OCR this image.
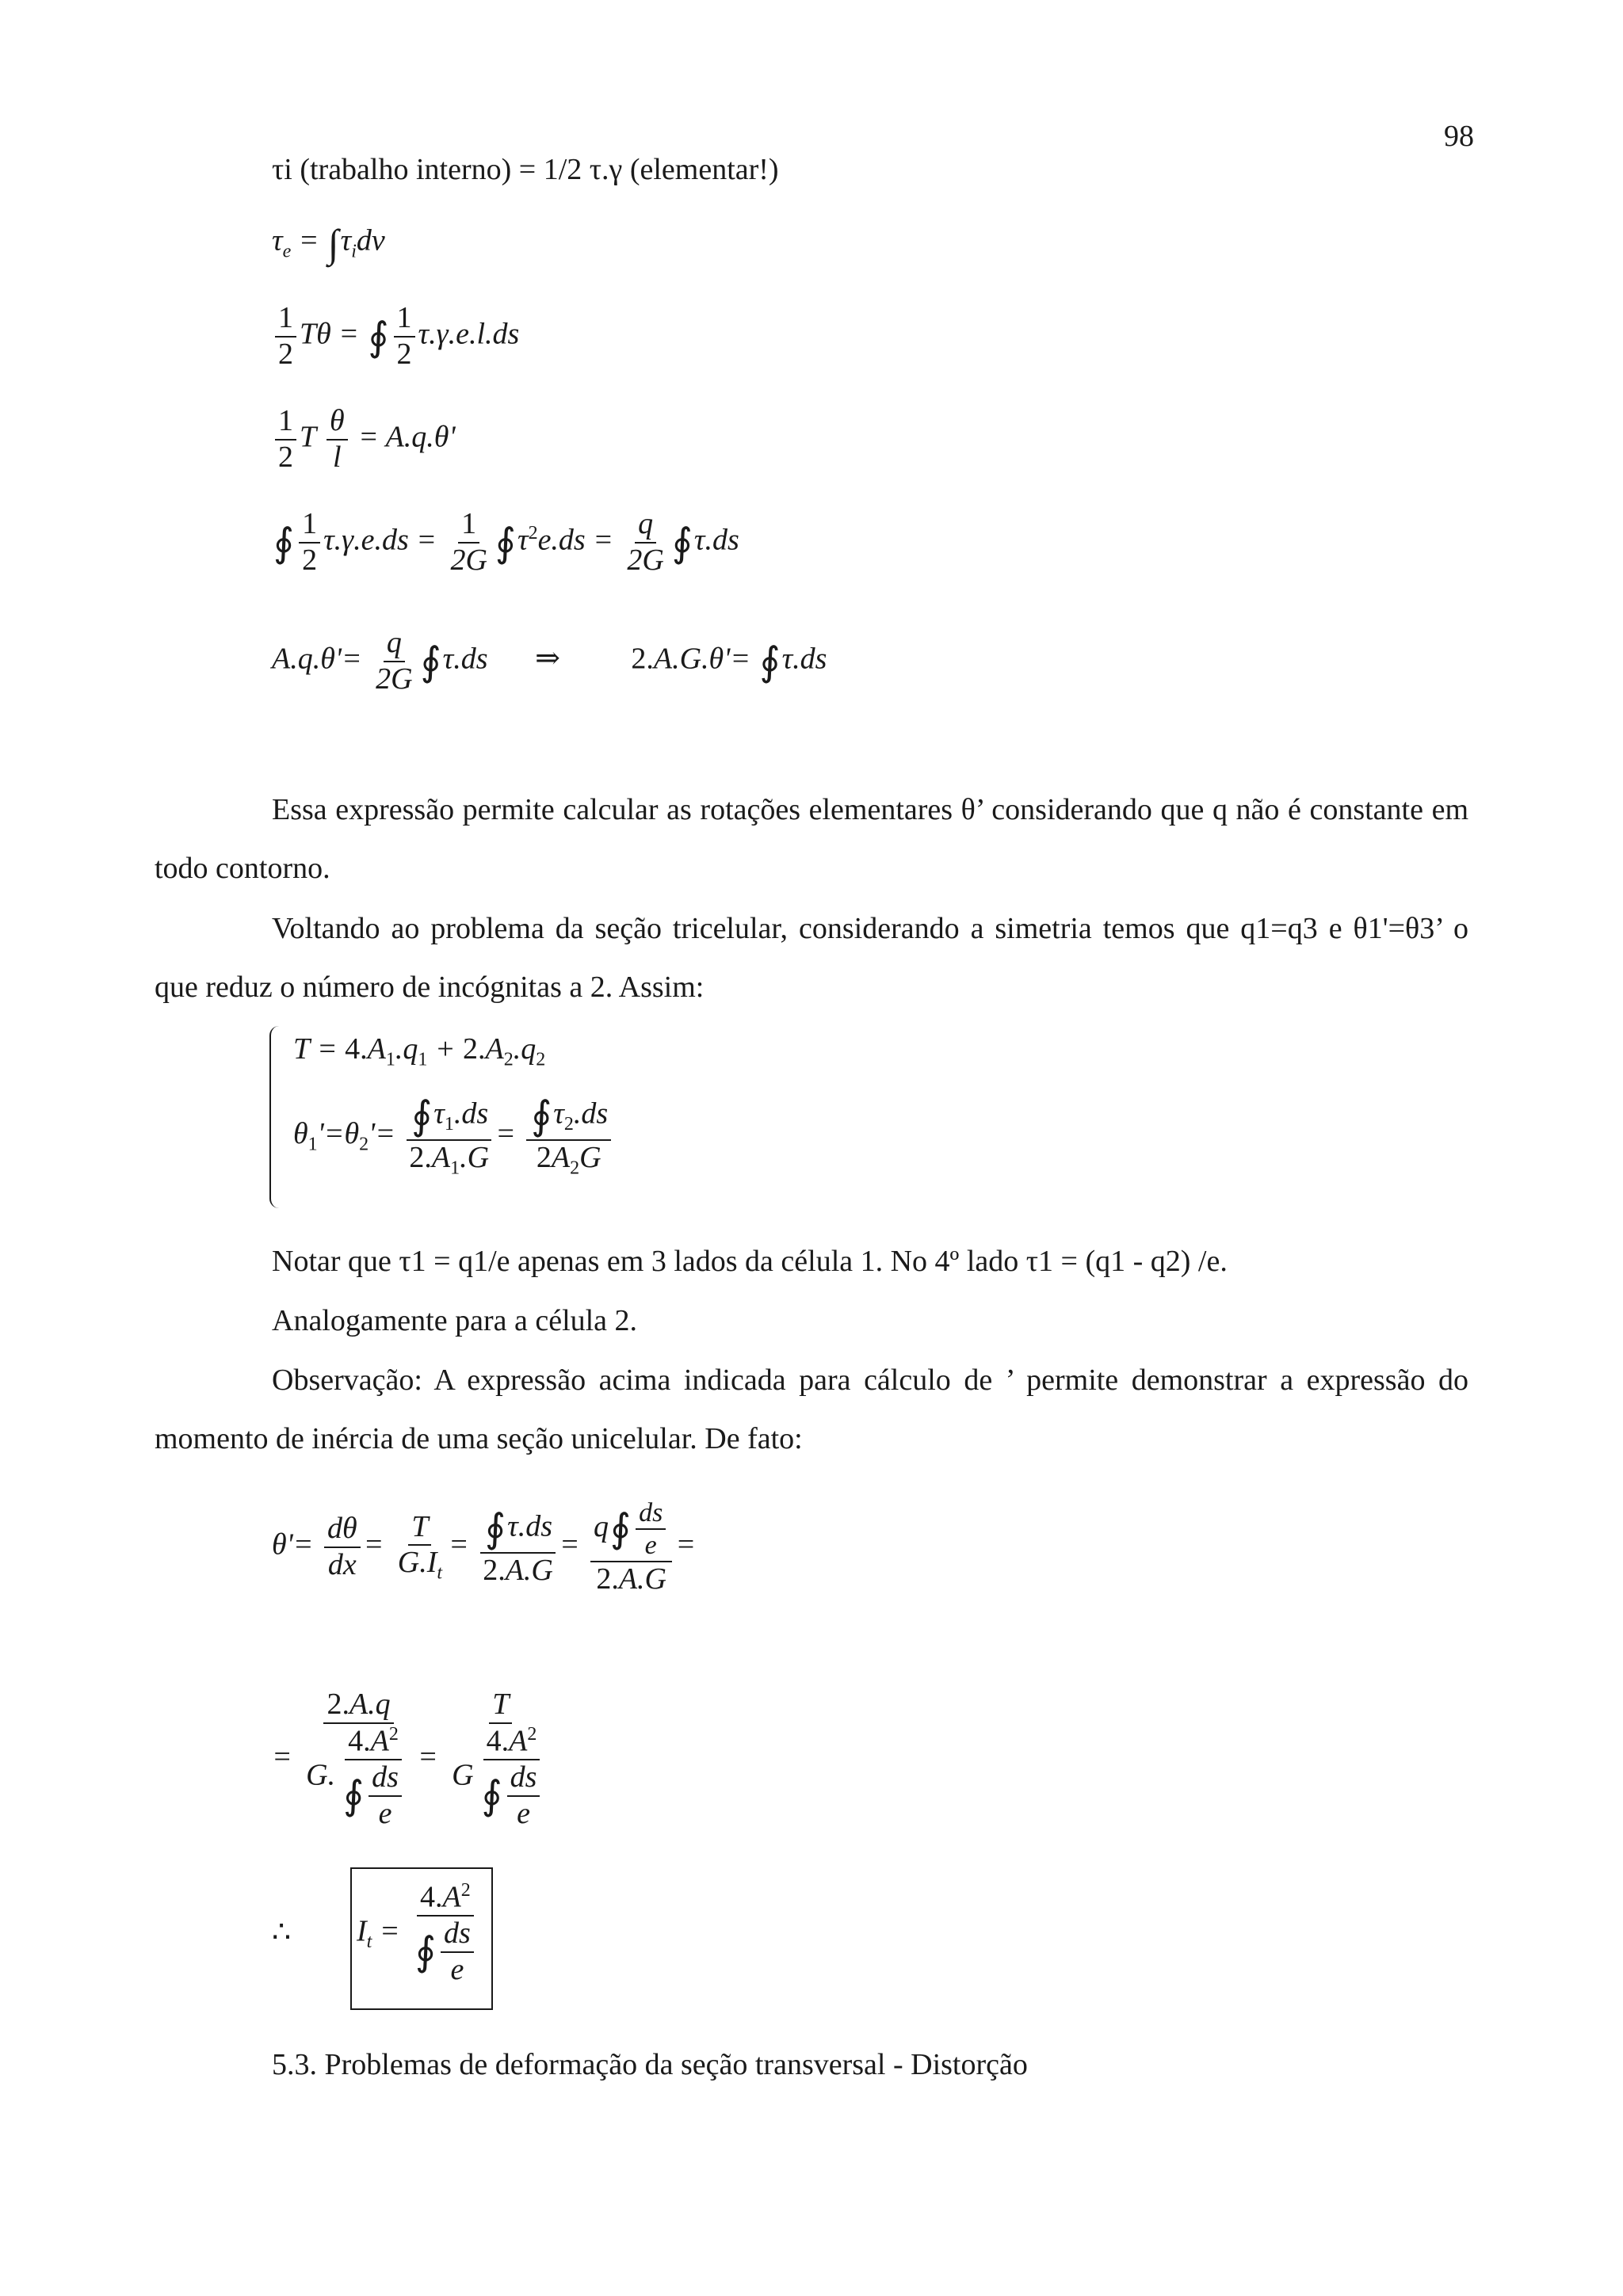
98
τi (trabalho interno) = 1/2 τ.γ (elementar!)
$\tau_e = \int\tau_idv$
$\frac{1}{2}$ Tθ = ∮ $\frac{1}{2} \tau.\gamma.e.l.ds$
$\frac{1}{2}$ T $\frac{\theta}{l} = A.q.\theta'$
∮ $\frac{1}{2} \tau.\gamma.e.ds = \frac{1}{2G}$ $∮\tau^2e.ds = \frac{q}{2G}$ ∮τ.ds
$A.q.\theta'= \frac{q}{2G}$ ∮τ.ds ⇒ 2.A.G.θ'= ∮τ.ds
Essa expressão permite calcular as rotações elementares θ’ considerando que q não é constante em todo contorno.
Voltando ao problema da seção tricelular, considerando a simetria temos que q1=q3 e θ1'=θ3’ o que reduz o número de incógnitas a 2. Assim:
$T = 4.A_1.q_1 + 2.A_2.q_2$
$\theta_1'=\theta_2'= \frac{∮\tau_1.ds}{2.A_1.G} = \frac{∮\tau_2.ds}{2A_2G}$
Notar que τ1 = q1/e apenas em 3 lados da célula 1. No 4º lado τ1 = (q1 - q2) /e.
Analogamente para a célula 2.
Observação: A expressão acima indicada para cálculo de ’ permite demonstrar a expressão do momento de inércia de uma seção unicelular. De fato:
$\theta'= \frac{d\theta}{dx} = \frac{T}{G.I_t} = \frac{∮\tau.ds}{2.A.G} = \frac{q∮ \frac{ds}{e}}{2.A.G}$ =
= $\frac{2.A.q}{G. \frac{4.A^2}{∮ \frac{ds}{e}}} = \frac{T}{G \frac{4.A^2}{∮ \frac{ds}{e}}}$
∴ $I_t = \frac{4.A^2}{∮ \frac{ds}{e}}$
5.3. Problemas de deformação da seção transversal - Distorção
